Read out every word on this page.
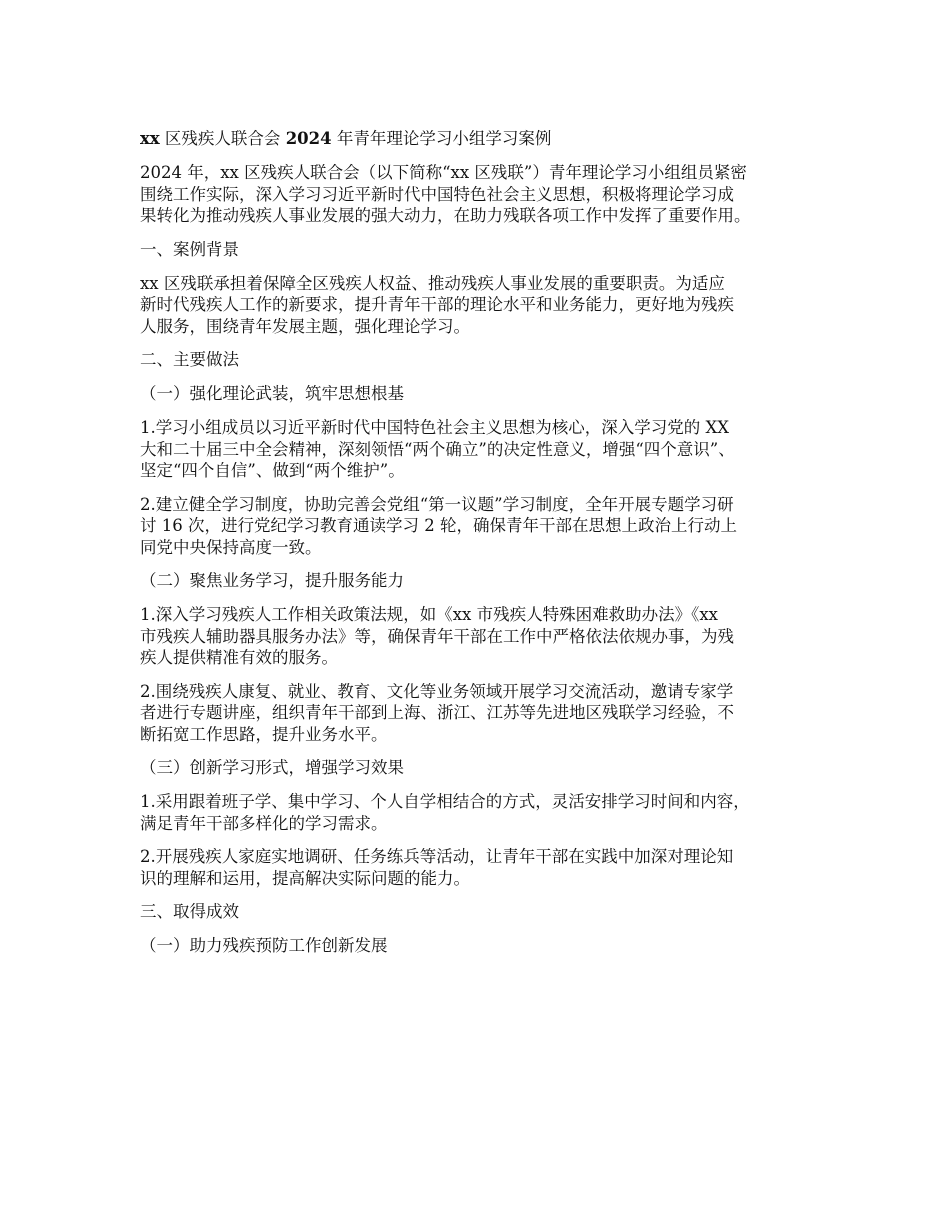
xx 区残疾人联合会 2024 年青年理论学习小组学习案例
2024 年，xx 区残疾人联合会（以下简称“xx 区残联”）青年理论学习小组组员紧密
围绕工作实际，深入学习习近平新时代中国特色社会主义思想，积极将理论学习成
果转化为推动残疾人事业发展的强大动力，在助力残联各项工作中发挥了重要作用。
一、案例背景
xx 区残联承担着保障全区残疾人权益、推动残疾人事业发展的重要职责。为适应
新时代残疾人工作的新要求，提升青年干部的理论水平和业务能力，更好地为残疾
人服务，围绕青年发展主题，强化理论学习。
二、主要做法
（一）强化理论武装，筑牢思想根基
1.学习小组成员以习近平新时代中国特色社会主义思想为核心，深入学习党的 XX
大和二十届三中全会精神，深刻领悟“两个确立”的决定性意义，增强“四个意识”、
坚定“四个自信”、做到“两个维护”。
2.建立健全学习制度，协助完善会党组“第一议题”学习制度，全年开展专题学习研
讨 16 次，进行党纪学习教育通读学习 2 轮，确保青年干部在思想上政治上行动上
同党中央保持高度一致。
（二）聚焦业务学习，提升服务能力
1.深入学习残疾人工作相关政策法规，如《xx 市残疾人特殊困难救助办法》《xx
市残疾人辅助器具服务办法》等，确保青年干部在工作中严格依法依规办事，为残
疾人提供精准有效的服务。
2.围绕残疾人康复、就业、教育、文化等业务领域开展学习交流活动，邀请专家学
者进行专题讲座，组织青年干部到上海、浙江、江苏等先进地区残联学习经验，不
断拓宽工作思路，提升业务水平。
（三）创新学习形式，增强学习效果
1.采用跟着班子学、集中学习、个人自学相结合的方式，灵活安排学习时间和内容，
满足青年干部多样化的学习需求。
2.开展残疾人家庭实地调研、任务练兵等活动，让青年干部在实践中加深对理论知
识的理解和运用，提高解决实际问题的能力。
三、取得成效
（一）助力残疾预防工作创新发展
